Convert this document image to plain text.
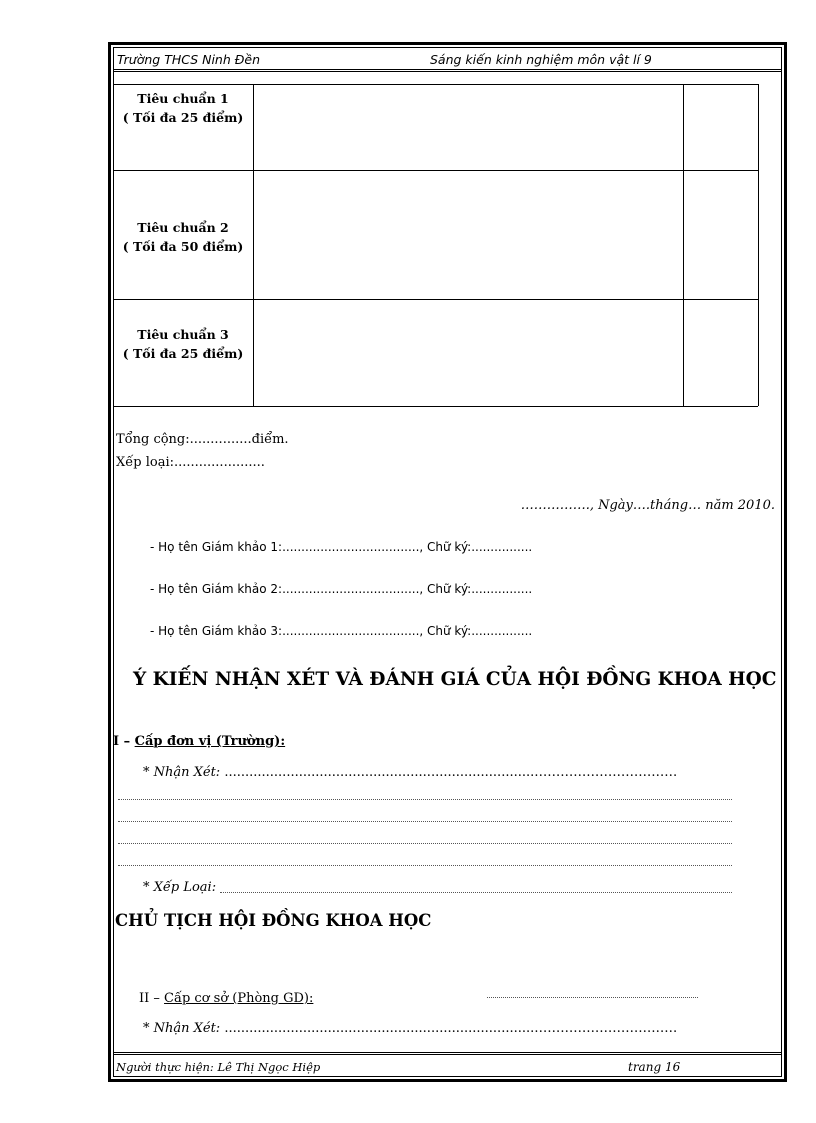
Trường THCS Ninh Đền	Sáng kiến kinh nghiệm môn vật lí 9
Tiêu chuẩn 1
( Tối đa 25 điểm)
Tiêu chuẩn 2
( Tối đa 50 điểm)
Tiêu chuẩn 3
( Tối đa 25 điểm)
Tổng cộng:...............điểm.
Xếp loại:......................
……………., Ngày….tháng… năm 2010.
- Họ tên Giám khảo 1:...................................., Chữ ký:................
- Họ tên Giám khảo 2:...................................., Chữ ký:................
- Họ tên Giám khảo 3:...................................., Chữ ký:................
Ý KIẾN NHẬN XÉT VÀ ĐÁNH GIÁ CỦA HỘI ĐỒNG KHOA HỌC
I – Cấp đơn vị (Trường):
* Nhận Xét: ...........................................................................……………………………
* Xếp Loại:
CHỦ TỊCH HỘI ĐỒNG KHOA HỌC
II – Cấp cơ sở (Phòng GD):
* Nhận Xét: ...........................................................................……………………………
Người thực hiện: Lê Thị Ngọc Hiệp	trang 16
